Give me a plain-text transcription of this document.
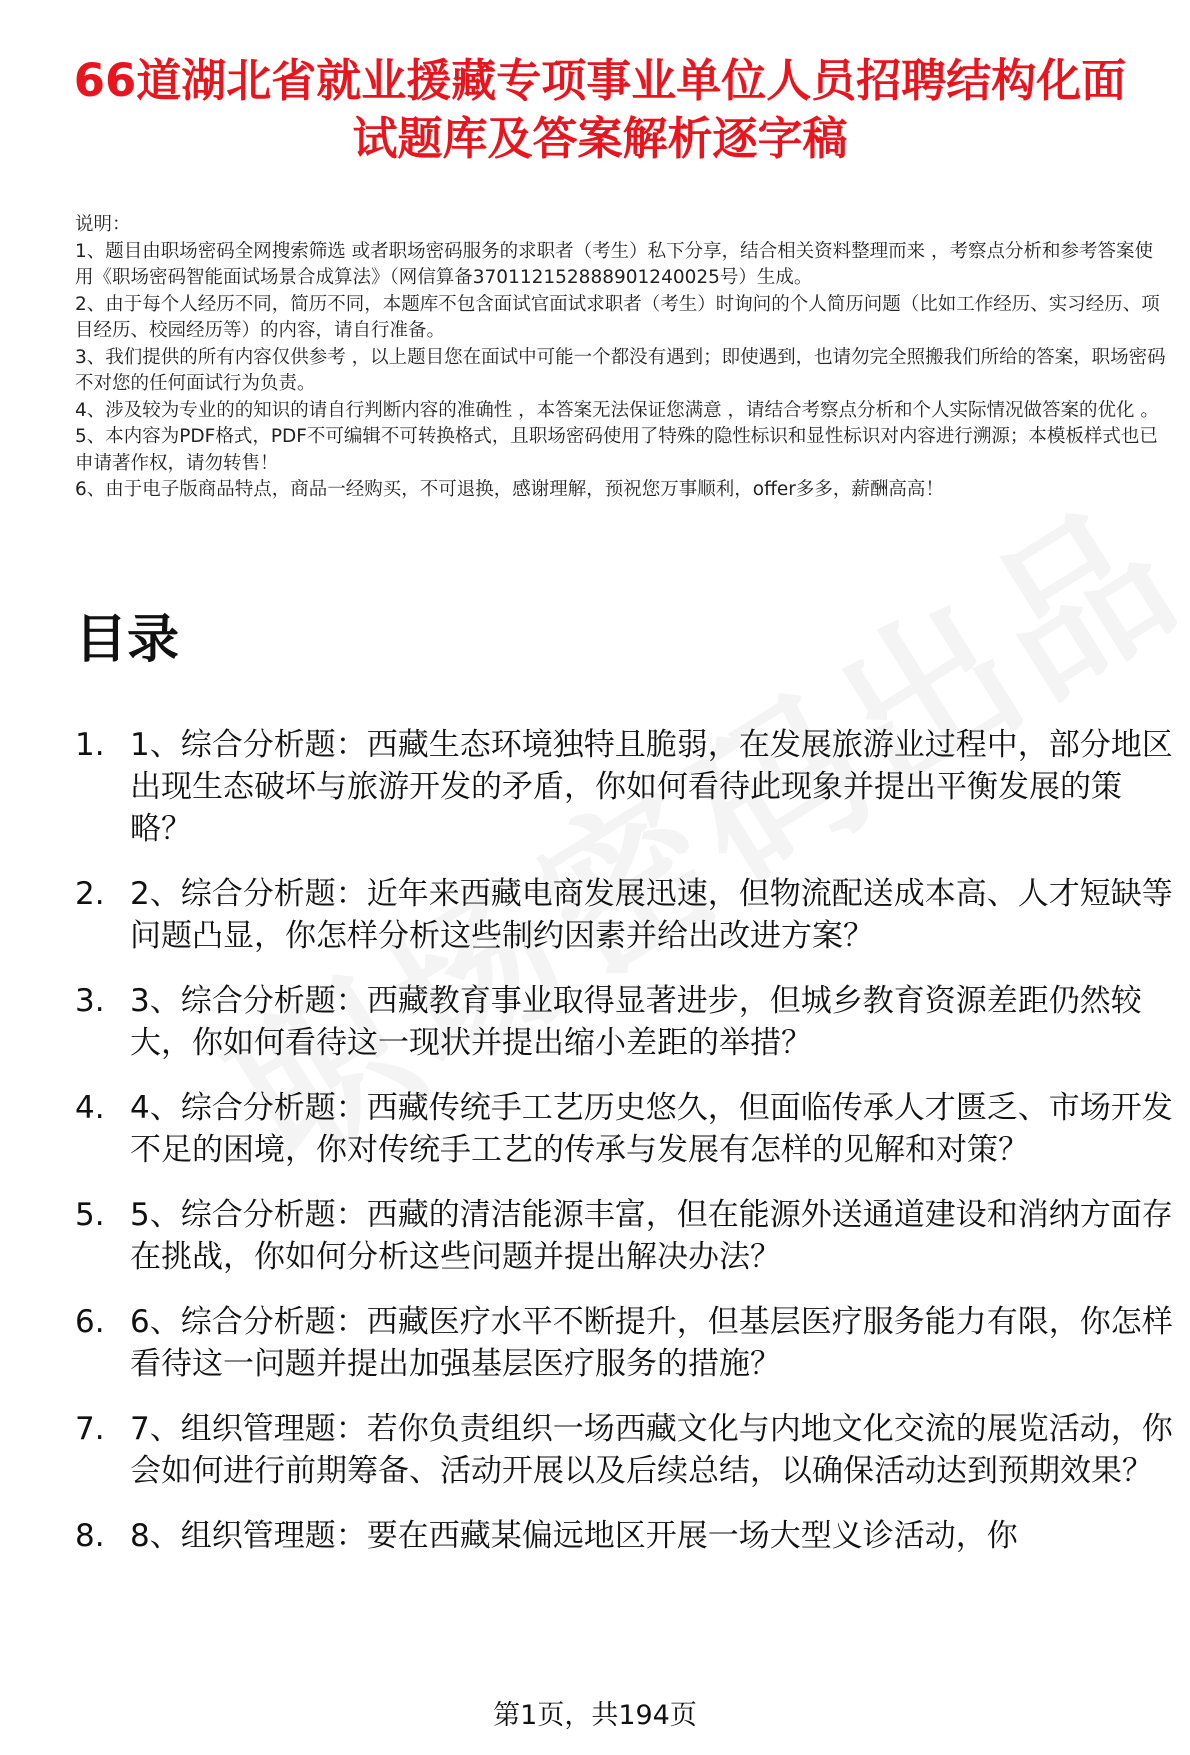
66道湖北省就业援藏专项事业单位人员招聘结构化面试题库及答案解析逐字稿

说明：

1、题目由职场密码全网搜索筛选 或者职场密码服务的求职者（考生）私下分享，结合相关资料整理而来 ，考察点分析和参考答案使用《职场密码智能面试场景合成算法》（网信算备370112152888901240025号）生成。

2、由于每个人经历不同，简历不同，本题库不包含面试官面试求职者（考生）时询问的个人简历问题（比如工作经历、实习经历、项目经历、校园经历等）的内容，请自行准备。

3、我们提供的所有内容仅供参考 ，以上题目您在面试中可能一个都没有遇到；即使遇到，也请勿完全照搬我们所给的答案，职场密码不对您的任何面试行为负责。

4、涉及较为专业的的知识的请自行判断内容的准确性 ，本答案无法保证您满意 ，请结合考察点分析和个人实际情况做答案的优化 。

5、本内容为PDF格式，PDF不可编辑不可转换格式，且职场密码使用了特殊的隐性标识和显性标识对内容进行溯源；本模板样式也已申请著作权，请勿转售！

6、由于电子版商品特点，商品一经购买，不可退换，感谢理解，预祝您万事顺利，offer多多，薪酬高高！

目录
1. 1、综合分析题：西藏生态环境独特且脆弱，在发展旅游业过程中，部分地区出现生态破坏与旅游开发的矛盾，你如何看待此现象并提出平衡发展的策略？
2. 2、综合分析题：近年来西藏电商发展迅速，但物流配送成本高、人才短缺等问题凸显，你怎样分析这些制约因素并给出改进方案？
3. 3、综合分析题：西藏教育事业取得显著进步，但城乡教育资源差距仍然较大，你如何看待这一现状并提出缩小差距的举措？
4. 4、综合分析题：西藏传统手工艺历史悠久，但面临传承人才匮乏、市场开发不足的困境，你对传统手工艺的传承与发展有怎样的见解和对策？
5. 5、综合分析题：西藏的清洁能源丰富，但在能源外送通道建设和消纳方面存在挑战，你如何分析这些问题并提出解决办法？
6. 6、综合分析题：西藏医疗水平不断提升，但基层医疗服务能力有限，你怎样看待这一问题并提出加强基层医疗服务的措施？
7. 7、组织管理题：若你负责组织一场西藏文化与内地文化交流的展览活动，你会如何进行前期筹备、活动开展以及后续总结，以确保活动达到预期效果？
8. 8、组织管理题：要在西藏某偏远地区开展一场大型义诊活动，你
第1页，共194页
